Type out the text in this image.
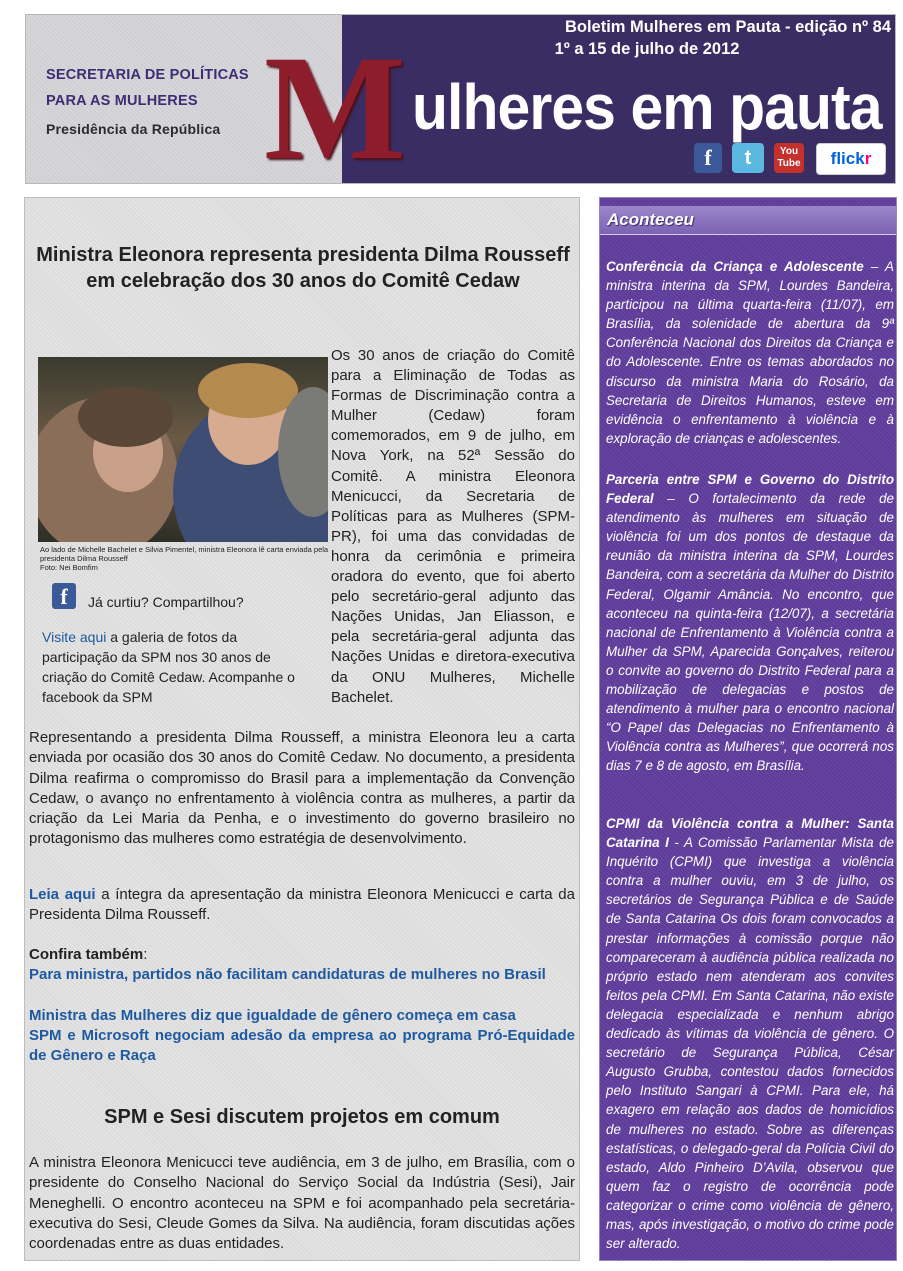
SECRETARIA DE POLÍTICAS
PARA AS MULHERES
Presidência da República M ulheres em pauta
Boletim Mulheres em Pauta - edição nº 84
1º a 15 de julho de 2012
f	t	You
Tube	flickr
Ministra Eleonora representa presidenta Dilma Rousseff em celebração dos 30 anos do Comitê Cedaw
Ao lado de Michelle Bachelet e Silvia Pimentel, ministra Eleonora lê carta enviada pela presidenta Dilma Rousseff
Foto: Nei Bomfim
f	Já curtiu? Compartilhou?
Visite aqui a galeria de fotos da participação da SPM nos 30 anos de criação do Comitê Cedaw. Acompanhe o facebook da SPM
Os 30 anos de criação do Comitê para a Eliminação de Todas as Formas de Discriminação contra a Mulher (Cedaw) foram comemorados, em 9 de julho, em Nova York, na 52ª Sessão do Comitê. A ministra Eleonora Menicucci, da Secretaria de Políticas para as Mulheres (SPM-PR), foi uma das convidadas de honra da cerimônia e primeira oradora do evento, que foi aberto pelo secretário-geral adjunto das Nações Unidas, Jan Eliasson, e pela secretária-geral adjunta das Nações Unidas e diretora-executiva da ONU Mulheres, Michelle Bachelet.
Representando a presidenta Dilma Rousseff, a ministra Eleonora leu a carta enviada por ocasião dos 30 anos do Comitê Cedaw. No documento, a presidenta Dilma reafirma o compromisso do Brasil para a implementação da Convenção Cedaw, o avanço no enfrentamento à violência contra as mulheres, a partir da criação da Lei Maria da Penha, e o investimento do governo brasileiro no protagonismo das mulheres como estratégia de desenvolvimento.
Leia aqui a íntegra da apresentação da ministra Eleonora Menicucci e carta da Presidenta Dilma Rousseff.
Confira também:
Para ministra, partidos não facilitam candidaturas de mulheres no Brasil
Ministra das Mulheres diz que igualdade de gênero começa em casa
SPM e Microsoft negociam adesão da empresa ao programa Pró-Equidade de Gênero e Raça
SPM e Sesi discutem projetos em comum
A ministra Eleonora Menicucci teve audiência, em 3 de julho, em Brasília, com o presidente do Conselho Nacional do Serviço Social da Indústria (Sesi), Jair Meneghelli. O encontro aconteceu na SPM e foi acompanhado pela secretária-executiva do Sesi, Cleude Gomes da Silva. Na audiência, foram discutidas ações coordenadas entre as duas entidades.
Aconteceu
Conferência da Criança e Adolescente – A ministra interina da SPM, Lourdes Bandeira, participou na última quarta-feira (11/07), em Brasília, da solenidade de abertura da 9ª Conferência Nacional dos Direitos da Criança e do Adolescente. Entre os temas abordados no discurso da ministra Maria do Rosário, da Secretaria de Direitos Humanos, esteve em evidência o enfrentamento à violência e à exploração de crianças e adolescentes.
Parceria entre SPM e Governo do Distrito Federal – O fortalecimento da rede de atendimento às mulheres em situação de violência foi um dos pontos de destaque da reunião da ministra interina da SPM, Lourdes Bandeira, com a secretária da Mulher do Distrito Federal, Olgamir Amância. No encontro, que aconteceu na quinta-feira (12/07), a secretária nacional de Enfrentamento à Violência contra a Mulher da SPM, Aparecida Gonçalves, reiterou o convite ao governo do Distrito Federal para a mobilização de delegacias e postos de atendimento à mulher para o encontro nacional “O Papel das Delegacias no Enfrentamento à Violência contra as Mulheres”, que ocorrerá nos dias 7 e 8 de agosto, em Brasília.
CPMI da Violência contra a Mulher: Santa Catarina I - A Comissão Parlamentar Mista de Inquérito (CPMI) que investiga a violência contra a mulher ouviu, em 3 de julho, os secretários de Segurança Pública e de Saúde de Santa Catarina Os dois foram convocados a prestar informações à comissão porque não compareceram à audiência pública realizada no próprio estado nem atenderam aos convites feitos pela CPMI. Em Santa Catarina, não existe delegacia especializada e nenhum abrigo dedicado às vítimas da violência de gênero. O secretário de Segurança Pública, César Augusto Grubba, contestou dados fornecidos pelo Instituto Sangari à CPMI. Para ele, há exagero em relação aos dados de homicídios de mulheres no estado. Sobre as diferenças estatísticas, o delegado-geral da Polícia Civil do estado, Aldo Pinheiro D’Avila, observou que quem faz o registro de ocorrência pode categorizar o crime como violência de gênero, mas, após investigação, o motivo do crime pode ser alterado.
